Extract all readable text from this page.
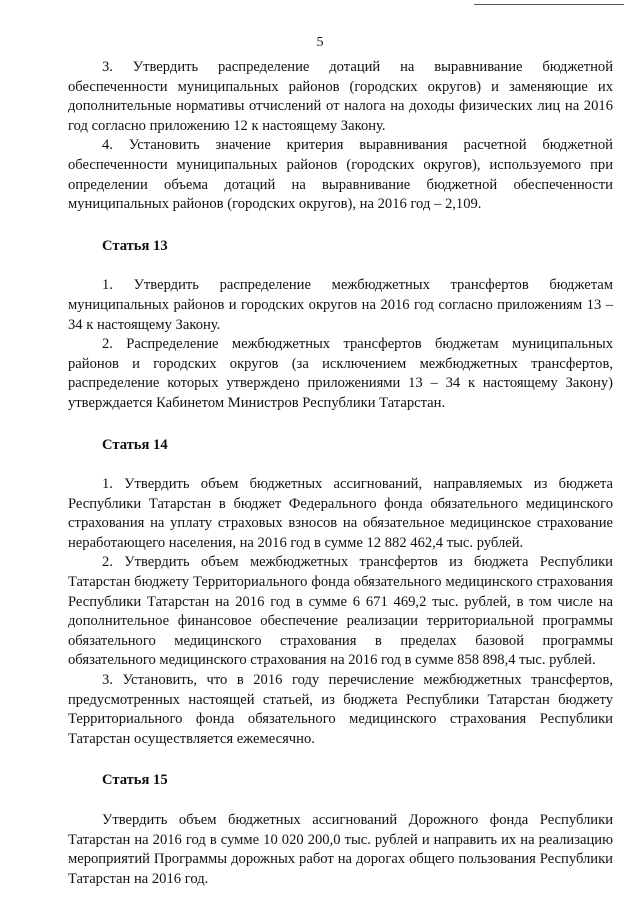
5

3. Утвердить распределение дотаций на выравнивание бюджетной обеспеченности муниципальных районов (городских округов) и заменяющие их дополнительные нормативы отчислений от налога на доходы физических лиц на 2016 год согласно приложению 12 к настоящему Закону.

4. Установить значение критерия выравнивания расчетной бюджетной обеспеченности муниципальных районов (городских округов), используемого при определении объема дотаций на выравнивание бюджетной обеспеченности муниципальных районов (городских округов), на 2016 год – 2,109.

Статья 13

1. Утвердить распределение межбюджетных трансфертов бюджетам муниципальных районов и городских округов на 2016 год согласно приложениям 13 – 34 к настоящему Закону.

2. Распределение межбюджетных трансфертов бюджетам муниципальных районов и городских округов (за исключением межбюджетных трансфертов, распределение которых утверждено приложениями 13 – 34 к настоящему Закону) утверждается Кабинетом Министров Республики Татарстан.

Статья 14

1. Утвердить объем бюджетных ассигнований, направляемых из бюджета Республики Татарстан в бюджет Федерального фонда обязательного медицинского страхования на уплату страховых взносов на обязательное медицинское страхование неработающего населения, на 2016 год в сумме 12 882 462,4 тыс. рублей.

2. Утвердить объем межбюджетных трансфертов из бюджета Республики Татарстан бюджету Территориального фонда обязательного медицинского страхования Республики Татарстан на 2016 год в сумме 6 671 469,2 тыс. рублей, в том числе на дополнительное финансовое обеспечение реализации территориальной программы обязательного медицинского страхования в пределах базовой программы обязательного медицинского страхования на 2016 год в сумме 858 898,4 тыс. рублей.

3. Установить, что в 2016 году перечисление межбюджетных трансфертов, предусмотренных настоящей статьей, из бюджета Республики Татарстан бюджету Территориального фонда обязательного медицинского страхования Республики Татарстан осуществляется ежемесячно.

Статья 15

Утвердить объем бюджетных ассигнований Дорожного фонда Республики Татарстан на 2016 год в сумме 10 020 200,0 тыс. рублей и направить их на реализацию мероприятий Программы дорожных работ на дорогах общего пользования Республики Татарстан на 2016 год.
